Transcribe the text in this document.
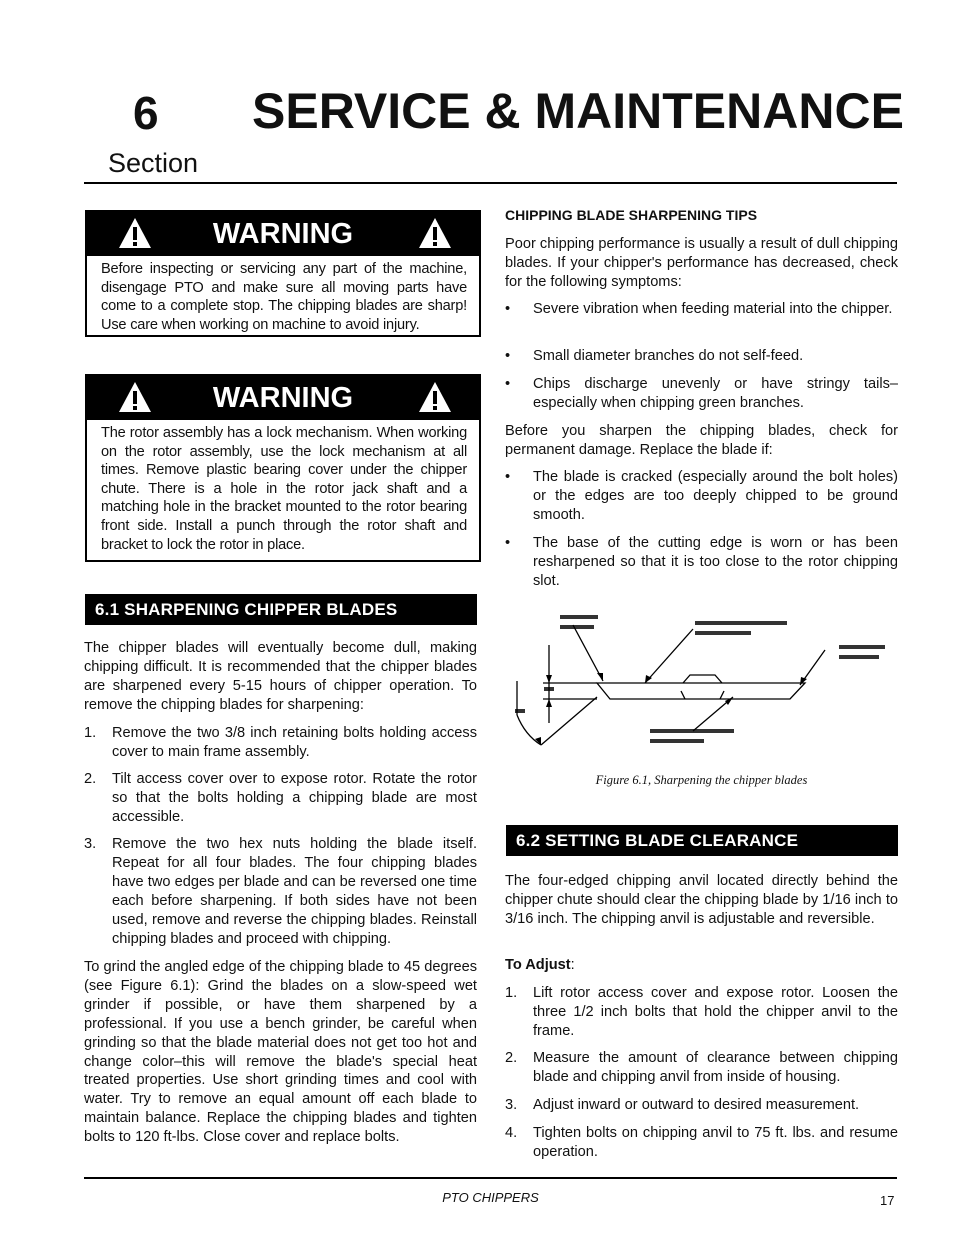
6 SERVICE & MAINTENANCE
Section
WARNING
Before inspecting or servicing any part of the machine, disengage PTO and make sure all moving parts have come to a complete stop. The chipping blades are sharp! Use care when working on machine to avoid injury.
WARNING
The rotor assembly has a lock mechanism. When working on the rotor assembly, use the lock mechanism at all times. Remove plastic bearing cover under the chipper chute. There is a hole in the rotor jack shaft and a matching hole in the bracket mounted to the rotor bearing front side. Install a punch through the rotor shaft and bracket to lock the rotor in place.
6.1 SHARPENING CHIPPER BLADES

The chipper blades will eventually become dull, making chipping difficult. It is recommended that the chipper blades are sharpened every 5-15 hours of chipper operation. To remove the chipping blades for sharpening:

1. Remove the two 3/8 inch retaining bolts holding access cover to main frame assembly.
2. Tilt access cover over to expose rotor. Rotate the rotor so that the bolts holding a chipping blade are most accessible.
3. Remove the two hex nuts holding the blade itself. Repeat for all four blades. The four chipping blades have two edges per blade and can be reversed one time each before sharpening. If both sides have not been used, remove and reverse the chipping blades. Reinstall chipping blades and proceed with chipping.

To grind the angled edge of the chipping blade to 45 degrees (see Figure 6.1): Grind the blades on a slow-speed wet grinder if possible, or have them sharpened by a professional. If you use a bench grinder, be careful when grinding so that the blade material does not get too hot and change color–this will remove the blade's special heat treated properties. Use short grinding times and cool with water. Try to remove an equal amount off each blade to maintain balance. Replace the chipping blades and tighten bolts to 120 ft-lbs. Close cover and replace bolts.

CHIPPING BLADE SHARPENING TIPS

Poor chipping performance is usually a result of dull chipping blades. If your chipper's performance has decreased, check for the following symptoms:

• Severe vibration when feeding material into the chipper.
• Small diameter branches do not self-feed.
• Chips discharge unevenly or have stringy tails–especially when chipping green branches.

Before you sharpen the chipping blades, check for permanent damage. Replace the blade if:

• The blade is cracked (especially around the bolt holes) or the edges are too deeply chipped to be ground smooth.
• The base of the cutting edge is worn or has been resharpened so that it is too close to the rotor chipping slot.
Figure 6.1, Sharpening the chipper blades
6.2 SETTING BLADE CLEARANCE

The four-edged chipping anvil located directly behind the chipper chute should clear the chipping blade by 1/16 inch to 3/16 inch. The chipping anvil is adjustable and reversible.

To Adjust:
1. Lift rotor access cover and expose rotor. Loosen the three 1/2 inch bolts that hold the chipper anvil to the frame.
2. Measure the amount of clearance between chipping blade and chipping anvil from inside of housing.
3. Adjust inward or outward to desired measurement.
4. Tighten bolts on chipping anvil to 75 ft. lbs. and resume operation.
PTO CHIPPERS	17
